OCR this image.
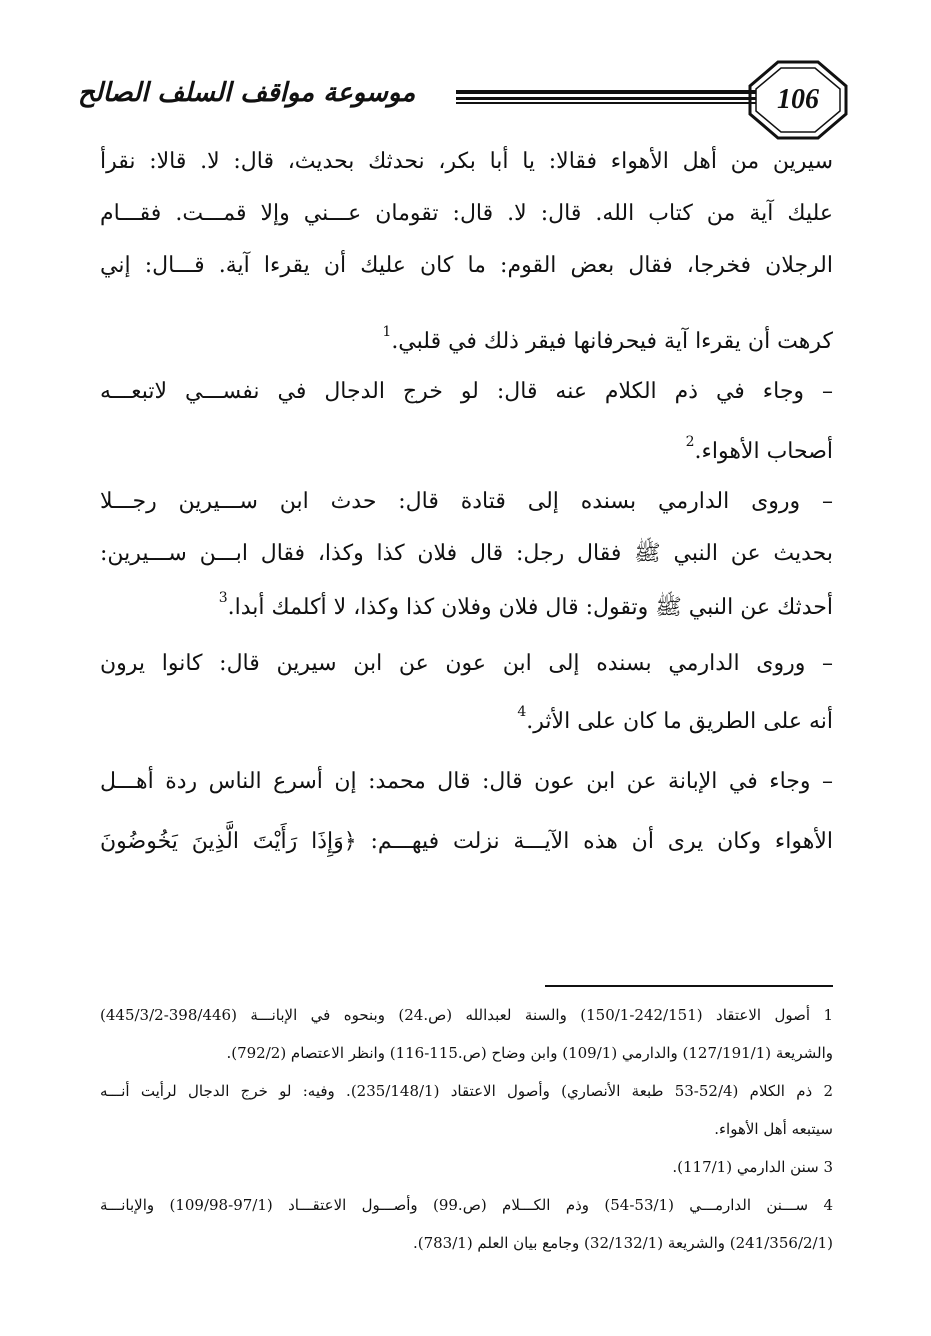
موسوعة مواقف السلف الصالح	106
سيرين من أهل الأهواء فقالا: يا أبا بكر، نحدثك بحديث، قال: لا. قالا: نقرأ
عليك آية من كتاب الله. قال: لا. قال: تقومان عـــني وإلا قمـــت. فقـــام
الرجلان فخرجا، فقال بعض القوم: ما كان عليك أن يقرءا آية. قـــال: إني
كرهت أن يقرءا آية فيحرفانها فيقر ذلك في قلبي.$^1$
– وجاء في ذم الكلام عنه قال: لو خرج الدجال في نفســـي لاتبعـــه
أصحاب الأهواء.$^2$
– وروى الدارمي بسنده إلى قتادة قال: حدث ابن ســـيرين رجـــلا
بحديث عن النبي ﷺ فقال رجل: قال فلان كذا وكذا، فقال ابـــن ســـيرين:
أحدثك عن النبي ﷺ وتقول: قال فلان وفلان كذا وكذا، لا أكلمك أبدا.$^3$
– وروى الدارمي بسنده إلى ابن عون عن ابن سيرين قال: كانوا يرون
أنه على الطريق ما كان على الأثر.$^4$
– وجاء في الإبانة عن ابن عون قال: قال محمد: إن أسرع الناس ردة أهـــل
الأهواء وكان يرى أن هذه الآيـــة نزلت فيهـــم: ﴿وَإِذَا رَأَيْتَ الَّذِينَ يَخُوضُونَ
1 أصول الاعتقاد (242/151-150/1) والسنة لعبدالله (ص.24) وبنحوه في الإبانـــة (398/446-445/3/2)
والشريعة (127/191/1) والدارمي (109/1) وابن وضاح (ص.115-116) وانظر الاعتصام (792/2).
2 ذم الكلام (52/4-53 طبعة الأنصاري) وأصول الاعتقاد (235/148/1). وفيه: لو خرج الدجال لرأيت أنـــه
سيتبعه أهل الأهواء.
3 سنن الدارمي (117/1).
4 ســـنن الدارمـــي (53/1-54) وذم الكـــلام (ص.99) وأصـــول الاعتقـــاد (97/1-109/98) والإبانـــة
(241/356/2/1) والشريعة (32/132/1) وجامع بيان العلم (783/1).
